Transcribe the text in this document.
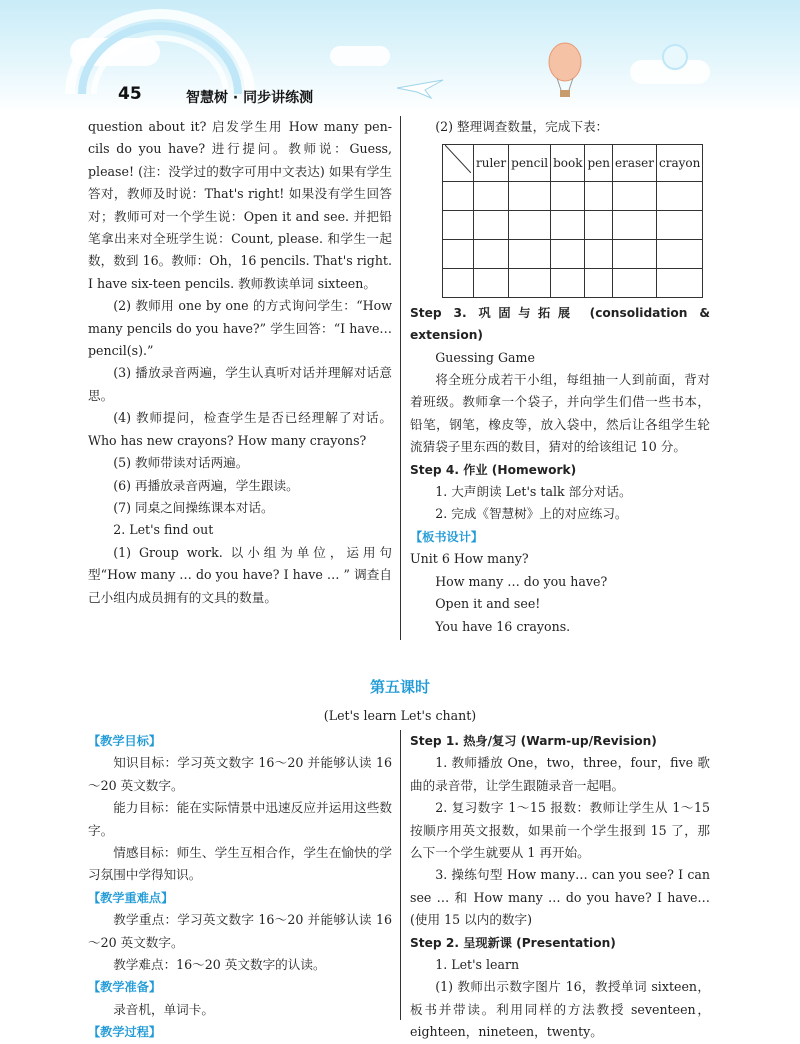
45	智慧树 · 同步讲练测

question about it? 启发学生用 How many pen-cils do you have? 进行提问。教师说：Guess, please! (注：没学过的数字可用中文表达) 如果有学生答对，教师及时说：That's right! 如果没有学生回答对；教师可对一个学生说：Open it and see. 并把铅笔拿出来对全班学生说：Count, please. 和学生一起数，数到 16。教师：Oh，16 pencils. That's right. I have six-teen pencils. 教师教读单词 sixteen。

(2) 教师用 one by one 的方式询问学生：“How many pencils do you have?” 学生回答：“I have… pencil(s).”

(3) 播放录音两遍，学生认真听对话并理解对话意思。

(4) 教师提问，检查学生是否已经理解了对话。Who has new crayons? How many crayons?

(5) 教师带读对话两遍。

(6) 再播放录音两遍，学生跟读。

(7) 同桌之间操练课本对话。

2. Let's find out

(1) Group work. 以小组为单位，运用句型“How many … do you have? I have … ” 调查自己小组内成员拥有的文具的数量。

(2) 整理调查数量，完成下表：

	ruler	pencil	book	pen	eraser	crayon

Step 3. 巩固与拓展 (consolidation & extension)

Guessing Game

将全班分成若干小组，每组抽一人到前面，背对着班级。教师拿一个袋子，并向学生们借一些书本，铅笔，钢笔，橡皮等，放入袋中，然后让各组学生轮流猜袋子里东西的数目，猜对的给该组记 10 分。

Step 4. 作业 (Homework)

1. 大声朗读 Let's talk 部分对话。

2. 完成《智慧树》上的对应练习。

【板书设计】

Unit 6 How many?

How many … do you have?

Open it and see!

You have 16 crayons.

第五课时
(Let's learn Let's chant)

【教学目标】

知识目标：学习英文数字 16～20 并能够认读 16～20 英文数字。

能力目标：能在实际情景中迅速反应并运用这些数字。

情感目标：师生、学生互相合作，学生在愉快的学习氛围中学得知识。

【教学重难点】

教学重点：学习英文数字 16～20 并能够认读 16～20 英文数字。

教学难点：16～20 英文数字的认读。

【教学准备】

录音机，单词卡。

【教学过程】

Step 1. 热身/复习 (Warm-up/Revision)

1. 教师播放 One，two，three，four，five 歌曲的录音带，让学生跟随录音一起唱。

2. 复习数字 1～15 报数：教师让学生从 1～15按顺序用英文报数，如果前一个学生报到 15 了，那么下一个学生就要从 1 再开始。

3. 操练句型 How many… can you see? I can see … 和 How many … do you have? I have…(使用 15 以内的数字)

Step 2. 呈现新课 (Presentation)

1. Let's learn

(1) 教师出示数字图片 16，教授单词 sixteen，板书并带读。利用同样的方法教授 seventeen，eighteen，nineteen，twenty。
